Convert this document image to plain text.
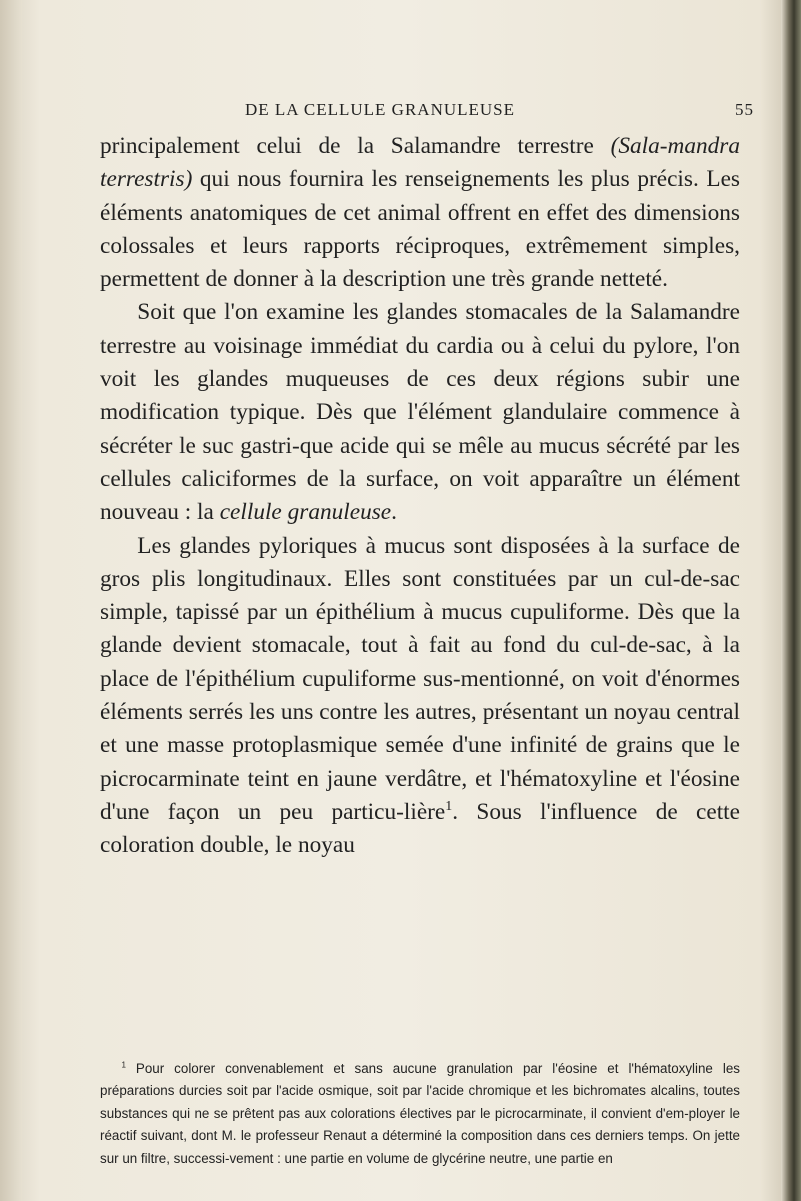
DE LA CELLULE GRANULEUSE	55

principalement celui de la Salamandre terrestre (Sala-mandra terrestris) qui nous fournira les renseignements les plus précis. Les éléments anatomiques de cet animal offrent en effet des dimensions colossales et leurs rapports réciproques, extrêmement simples, permettent de donner à la description une très grande netteté.

Soit que l'on examine les glandes stomacales de la Salamandre terrestre au voisinage immédiat du cardia ou à celui du pylore, l'on voit les glandes muqueuses de ces deux régions subir une modification typique. Dès que l'élément glandulaire commence à sécréter le suc gastri-que acide qui se mêle au mucus sécrété par les cellules caliciformes de la surface, on voit apparaître un élément nouveau : la cellule granuleuse.

Les glandes pyloriques à mucus sont disposées à la surface de gros plis longitudinaux. Elles sont constituées par un cul-de-sac simple, tapissé par un épithélium à mucus cupuliforme. Dès que la glande devient stomacale, tout à fait au fond du cul-de-sac, à la place de l'épithélium cupuliforme sus-mentionné, on voit d'énormes éléments serrés les uns contre les autres, présentant un noyau central et une masse protoplasmique semée d'une infinité de grains que le picrocarminate teint en jaune verdâtre, et l'hématoxyline et l'éosine d'une façon un peu particu-lière$^1$. Sous l'influence de cette coloration double, le noyau

$^1$ Pour colorer convenablement et sans aucune granulation par l'éosine et l'hématoxyline les préparations durcies soit par l'acide osmique, soit par l'acide chromique et les bichromates alcalins, toutes substances qui ne se prêtent pas aux colorations électives par le picrocarminate, il convient d'em-ployer le réactif suivant, dont M. le professeur Renaut a déterminé la composition dans ces derniers temps. On jette sur un filtre, successi-vement : une partie en volume de glycérine neutre, une partie en
